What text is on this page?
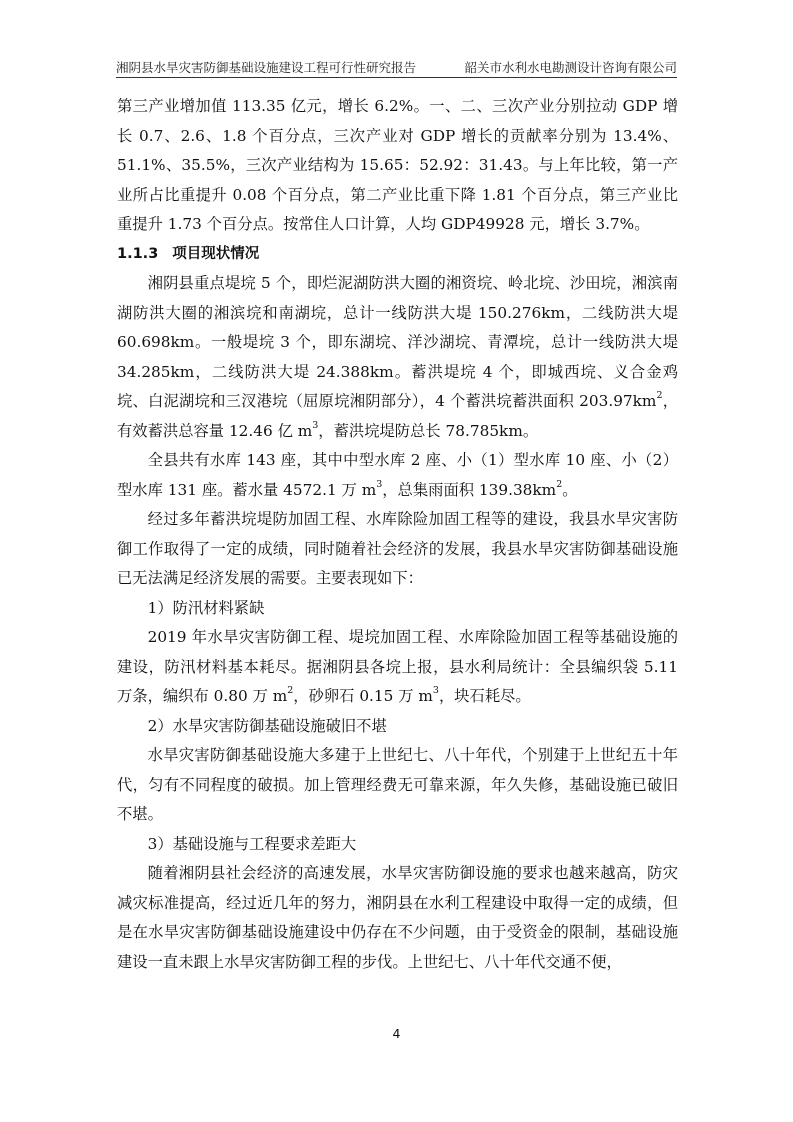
湘阴县水旱灾害防御基础设施建设工程可行性研究报告	韶关市水利水电勘测设计咨询有限公司

第三产业增加值 113.35 亿元，增长 6.2%。一、二、三次产业分别拉动 GDP 增长 0.7、2.6、1.8 个百分点，三次产业对 GDP 增长的贡献率分别为 13.4%、51.1%、35.5%，三次产业结构为 15.65：52.92：31.43。与上年比较，第一产业所占比重提升 0.08 个百分点，第二产业比重下降 1.81 个百分点，第三产业比重提升 1.73 个百分点。按常住人口计算，人均 GDP49928 元，增长 3.7%。

1.1.3 项目现状情况

湘阴县重点堤垸 5 个，即烂泥湖防洪大圈的湘资垸、岭北垸、沙田垸，湘滨南湖防洪大圈的湘滨垸和南湖垸，总计一线防洪大堤 150.276km，二线防洪大堤 60.698km。一般堤垸 3 个，即东湖垸、洋沙湖垸、青潭垸，总计一线防洪大堤 34.285km，二线防洪大堤 24.388km。蓄洪堤垸 4 个，即城西垸、义合金鸡垸、白泥湖垸和三汊港垸（屈原垸湘阴部分），4 个蓄洪垸蓄洪面积 $203.97km^2$，有效蓄洪总容量 12.46 亿 $m^3$，蓄洪垸堤防总长 78.785km。

全县共有水库 143 座，其中中型水库 2 座、小（1）型水库 10 座、小（2）型水库 131 座。蓄水量 4572.1 万 $m^3$，总集雨面积 $139.38km^2$。

经过多年蓄洪垸堤防加固工程、水库除险加固工程等的建设，我县水旱灾害防御工作取得了一定的成绩，同时随着社会经济的发展，我县水旱灾害防御基础设施已无法满足经济发展的需要。主要表现如下：

1）防汛材料紧缺

2019 年水旱灾害防御工程、堤垸加固工程、水库除险加固工程等基础设施的建设，防汛材料基本耗尽。据湘阴县各垸上报，县水利局统计：全县编织袋 5.11 万条，编织布 0.80 万 $m^2$，砂卵石 0.15 万 $m^3$，块石耗尽。

2）水旱灾害防御基础设施破旧不堪

水旱灾害防御基础设施大多建于上世纪七、八十年代，个别建于上世纪五十年代，匀有不同程度的破损。加上管理经费无可靠来源，年久失修，基础设施已破旧不堪。

3）基础设施与工程要求差距大

随着湘阴县社会经济的高速发展，水旱灾害防御设施的要求也越来越高，防灾减灾标准提高，经过近几年的努力，湘阴县在水利工程建设中取得一定的成绩，但是在水旱灾害防御基础设施建设中仍存在不少问题，由于受资金的限制，基础设施建设一直未跟上水旱灾害防御工程的步伐。上世纪七、八十年代交通不便，

4
